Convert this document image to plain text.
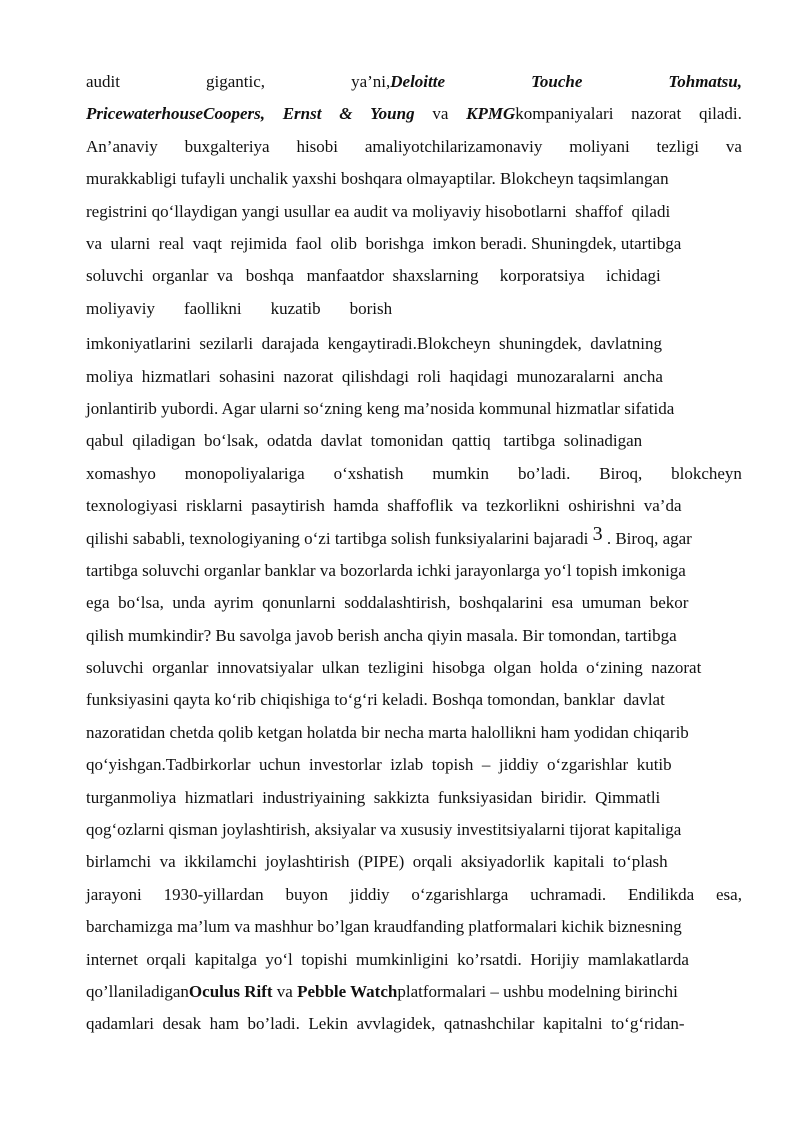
audit	gigantic,	ya’ni,Deloitte	Touche	Tohmatsu,
PricewaterhouseCoopers, Ernst & Young va KPMGkompaniyalari nazorat qiladi.
An’anaviy buxgalteriya hisobi amaliyotchilarizamonaviy moliyani tezligi va
murakkabligi tufayli unchalik yaxshi boshqara olmayaptilar. Blokcheyn taqsimlangan
registrini qo‘llaydigan yangi usullar ea audit va moliyaviy hisobotlarni  shaffof  qiladi
va  ularni  real  vaqt  rejimida  faol  olib  borishga  imkon beradi. Shuningdek, utartibga
soluvchi  organlar  va   boshqa   manfaatdor  shaxslarning     korporatsiya     ichidagi
moliyaviy faollikni kuzatib borish
imkoniyatlarini  sezilarli  darajada  kengaytiradi.Blokcheyn  shuningdek,  davlatning
moliya  hizmatlari  sohasini  nazorat  qilishdagi  roli  haqidagi  munozaralarni  ancha
jonlantirib yubordi. Agar ularni so‘zning keng ma’nosida kommunal hizmatlar sifatida
qabul  qiladigan  bo‘lsak,  odatda  davlat  tomonidan  qattiq   tartibga  solinadigan
xomashyo monopoliyalariga o‘xshatish mumkin bo’ladi. Biroq, blokcheyn
texnologiyasi  risklarni  pasaytirish  hamda  shaffoflik  va  tezkorlikni  oshirishni  va’da
qilishi sababli, texnologiyaning o‘zi tartibga solish funksiyalarini bajaradi 3 . Biroq, agar
tartibga soluvchi organlar banklar va bozorlarda ichki jarayonlarga yo‘l topish imkoniga
ega  bo‘lsa,  unda  ayrim  qonunlarni  soddalashtirish,  boshqalarini  esa  umuman  bekor
qilish mumkindir? Bu savolga javob berish ancha qiyin masala. Bir tomondan, tartibga
soluvchi  organlar  innovatsiyalar  ulkan  tezligini  hisobga  olgan  holda  o‘zining  nazorat
funksiyasini qayta ko‘rib chiqishiga to‘g‘ri keladi. Boshqa tomondan, banklar  davlat
nazoratidan chetda qolib ketgan holatda bir necha marta halollikni ham yodidan chiqarib
qo‘yishgan.Tadbirkorlar  uchun  investorlar  izlab  topish  –  jiddiy  o‘zgarishlar  kutib
turganmoliya  hizmatlari  industriyaining  sakkizta  funksiyasidan  biridir.  Qimmatli
qog‘ozlarni qisman joylashtirish, aksiyalar va xususiy investitsiyalarni tijorat kapitaliga
birlamchi  va  ikkilamchi  joylashtirish  (PIPE)  orqali  aksiyadorlik  kapitali  to‘plash
jarayoni 1930-yillardan buyon jiddiy o‘zgarishlarga uchramadi. Endilikda esa,
barchamizga ma’lum va mashhur bo’lgan kraudfanding platformalari kichik biznesning
internet  orqali  kapitalga  yo‘l  topishi  mumkinligini  ko’rsatdi.  Horijiy  mamlakatlarda
qo’llaniladigan Oculus Rift va Pebble Watch platformalari – ushbu modelning birinchi
qadamlari  desak  ham  bo’ladi.  Lekin  avvlagidek,  qatnashchilar  kapitalni  to‘g‘ridan-
